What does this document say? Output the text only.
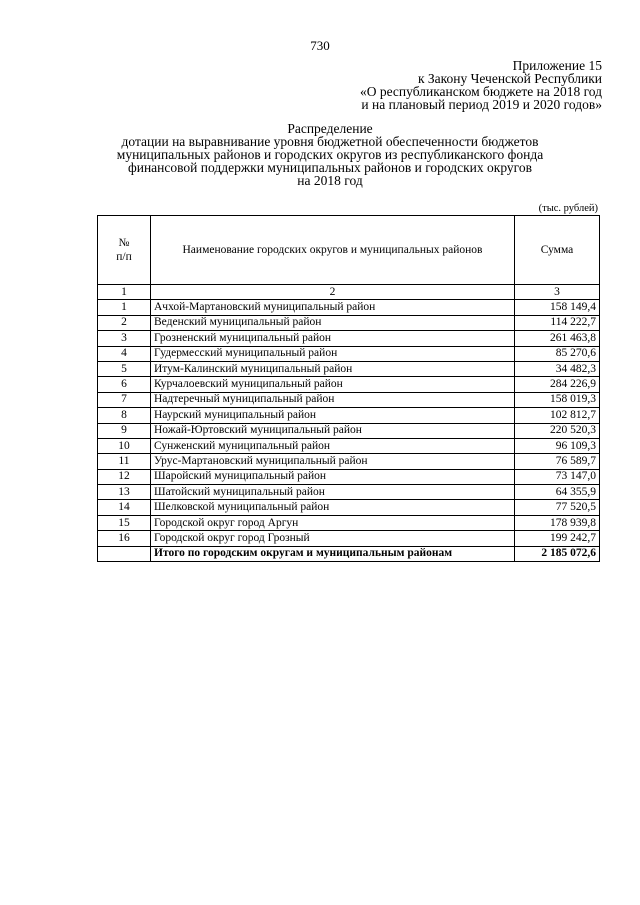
730
Приложение 15
к Закону Чеченской Республики
«О республиканском бюджете на 2018 год
и на плановый период 2019 и 2020 годов»
Распределение
дотации на выравнивание уровня бюджетной обеспеченности бюджетов
муниципальных районов и городских округов из республиканского фонда
финансовой поддержки муниципальных районов и городских округов
на 2018 год
(тыс. рублей)
№
п/п	Наименование городских округов и муниципальных районов	Сумма
1	2	3
1	Ачхой-Мартановский муниципальный район	158 149,4
2	Веденский муниципальный район	114 222,7
3	Грозненский муниципальный район	261 463,8
4	Гудермесский муниципальный район	85 270,6
5	Итум-Калинский муниципальный район	34 482,3
6	Курчалоевский муниципальный район	284 226,9
7	Надтеречный муниципальный район	158 019,3
8	Наурский муниципальный район	102 812,7
9	Ножай-Юртовский муниципальный район	220 520,3
10	Сунженский муниципальный район	96 109,3
11	Урус-Мартановский муниципальный район	76 589,7
12	Шаройский муниципальный район	73 147,0
13	Шатойский муниципальный район	64 355,9
14	Шелковской муниципальный район	77 520,5
15	Городской округ город Аргун	178 939,8
16	Городской округ город Грозный	199 242,7
	Итого по городским округам и муниципальным районам	2 185 072,6
